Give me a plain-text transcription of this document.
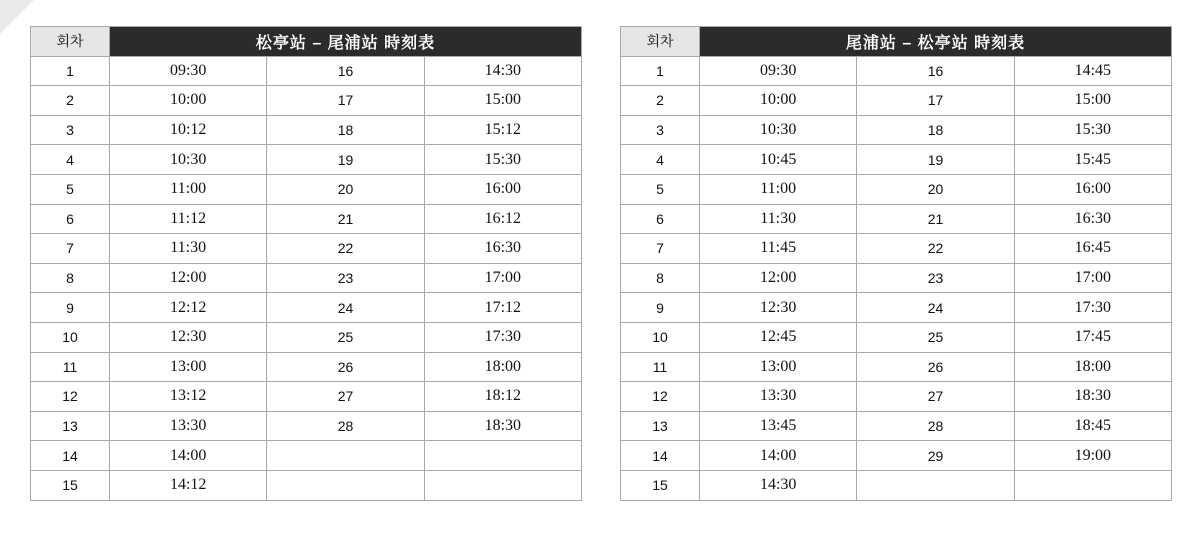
회차	松亭站 – 尾浦站 時刻表		
1	09:30	16	14:30
2	10:00	17	15:00
3	10:12	18	15:12
4	10:30	19	15:30
5	11:00	20	16:00
6	11:12	21	16:12
7	11:30	22	16:30
8	12:00	23	17:00
9	12:12	24	17:12
10	12:30	25	17:30
11	13:00	26	18:00
12	13:12	27	18:12
13	13:30	28	18:30
14	14:00		
15	14:12		
회차	尾浦站 – 松亭站 時刻表		
1	09:30	16	14:45
2	10:00	17	15:00
3	10:30	18	15:30
4	10:45	19	15:45
5	11:00	20	16:00
6	11:30	21	16:30
7	11:45	22	16:45
8	12:00	23	17:00
9	12:30	24	17:30
10	12:45	25	17:45
11	13:00	26	18:00
12	13:30	27	18:30
13	13:45	28	18:45
14	14:00	29	19:00
15	14:30		
